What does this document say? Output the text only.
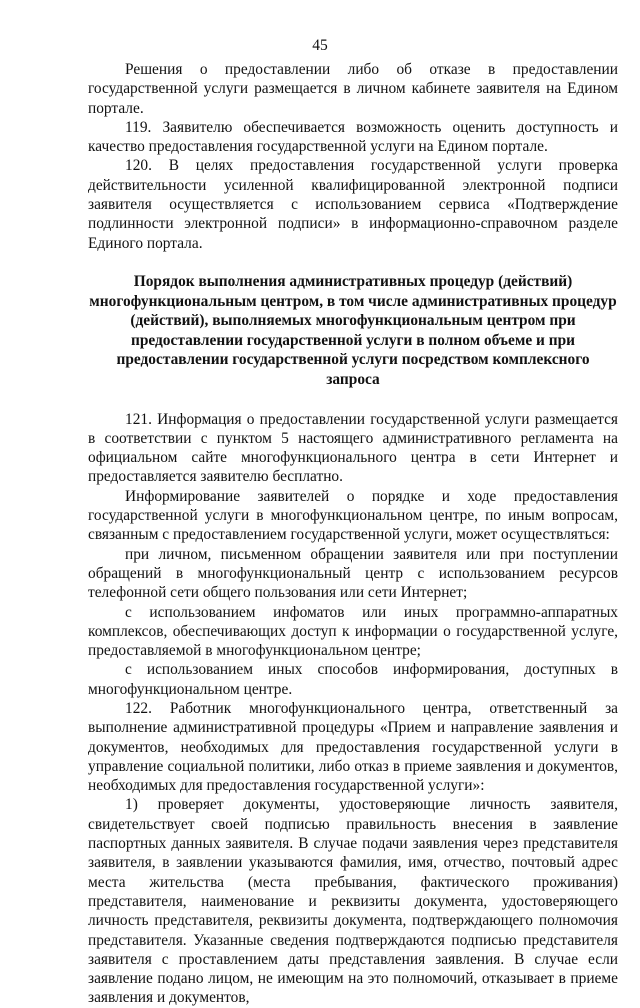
45

Решения о предоставлении либо об отказе в предоставлении государственной услуги размещается в личном кабинете заявителя на Едином портале.

119. Заявителю обеспечивается возможность оценить доступность и качество предоставления государственной услуги на Едином портале.

120. В целях предоставления государственной услуги проверка действительности усиленной квалифицированной электронной подписи заявителя осуществляется с использованием сервиса «Подтверждение подлинности электронной подписи» в информационно-справочном разделе Единого портала.

Порядок выполнения административных процедур (действий) многофункциональным центром, в том числе административных процедур (действий), выполняемых многофункциональным центром при предоставлении государственной услуги в полном объеме и при предоставлении государственной услуги посредством комплексного запроса

121. Информация о предоставлении государственной услуги размещается в соответствии с пунктом 5 настоящего административного регламента на официальном сайте многофункционального центра в сети Интернет и предоставляется заявителю бесплатно.

Информирование заявителей о порядке и ходе предоставления государственной услуги в многофункциональном центре, по иным вопросам, связанным с предоставлением государственной услуги, может осуществляться:

при личном, письменном обращении заявителя или при поступлении обращений в многофункциональный центр с использованием ресурсов телефонной сети общего пользования или сети Интернет;

с использованием инфоматов или иных программно-аппаратных комплексов, обеспечивающих доступ к информации о государственной услуге, предоставляемой в многофункциональном центре;

с использованием иных способов информирования, доступных в многофункциональном центре.

122. Работник многофункционального центра, ответственный за выполнение административной процедуры «Прием и направление заявления и документов, необходимых для предоставления государственной услуги в управление социальной политики, либо отказ в приеме заявления и документов, необходимых для предоставления государственной услуги»:

1) проверяет документы, удостоверяющие личность заявителя, свидетельствует своей подписью правильность внесения в заявление паспортных данных заявителя. В случае подачи заявления через представителя заявителя, в заявлении указываются фамилия, имя, отчество, почтовый адрес места жительства (места пребывания, фактического проживания) представителя, наименование и реквизиты документа, удостоверяющего личность представителя, реквизиты документа, подтверждающего полномочия представителя. Указанные сведения подтверждаются подписью представителя заявителя с проставлением даты представления заявления. В случае если заявление подано лицом, не имеющим на это полномочий, отказывает в приеме заявления и документов,
